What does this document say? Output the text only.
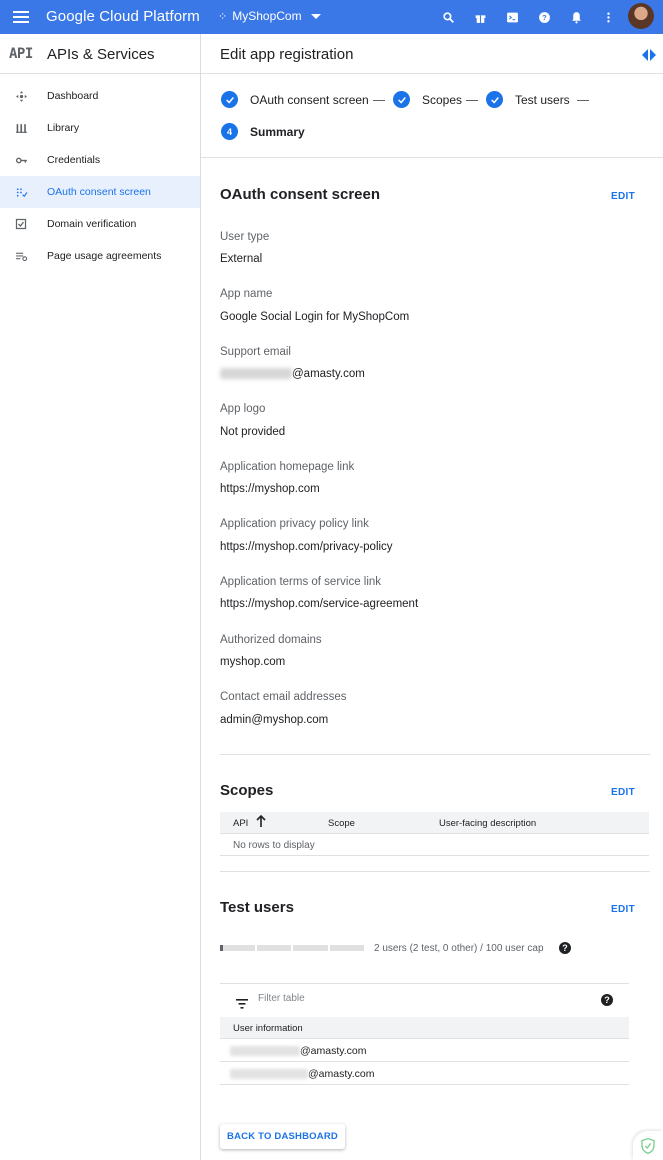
Google Cloud Platform ⁘ MyShopCom	?
API APIs & Services
Dashboard
Library
Credentials
OAuth consent screen
Domain verification
Page usage agreements
Edit app registration
OAuth consent screen	Scopes	Test users
4	Summary
OAuth consent screen	EDIT
User type
External
App name
Google Social Login for MyShopCom
Support email
@amasty.com
App logo
Not provided
Application homepage link
https://myshop.com
Application privacy policy link
https://myshop.com/privacy-policy
Application terms of service link
https://myshop.com/service-agreement
Authorized domains
myshop.com
Contact email addresses
admin@myshop.com
Scopes	EDIT
API	Scope	User-facing description
No rows to display
Test users	EDIT
2 users (2 test, 0 other) / 100 user cap	?
Filter table
?
User information
@amasty.com
@amasty.com
BACK TO DASHBOARD
